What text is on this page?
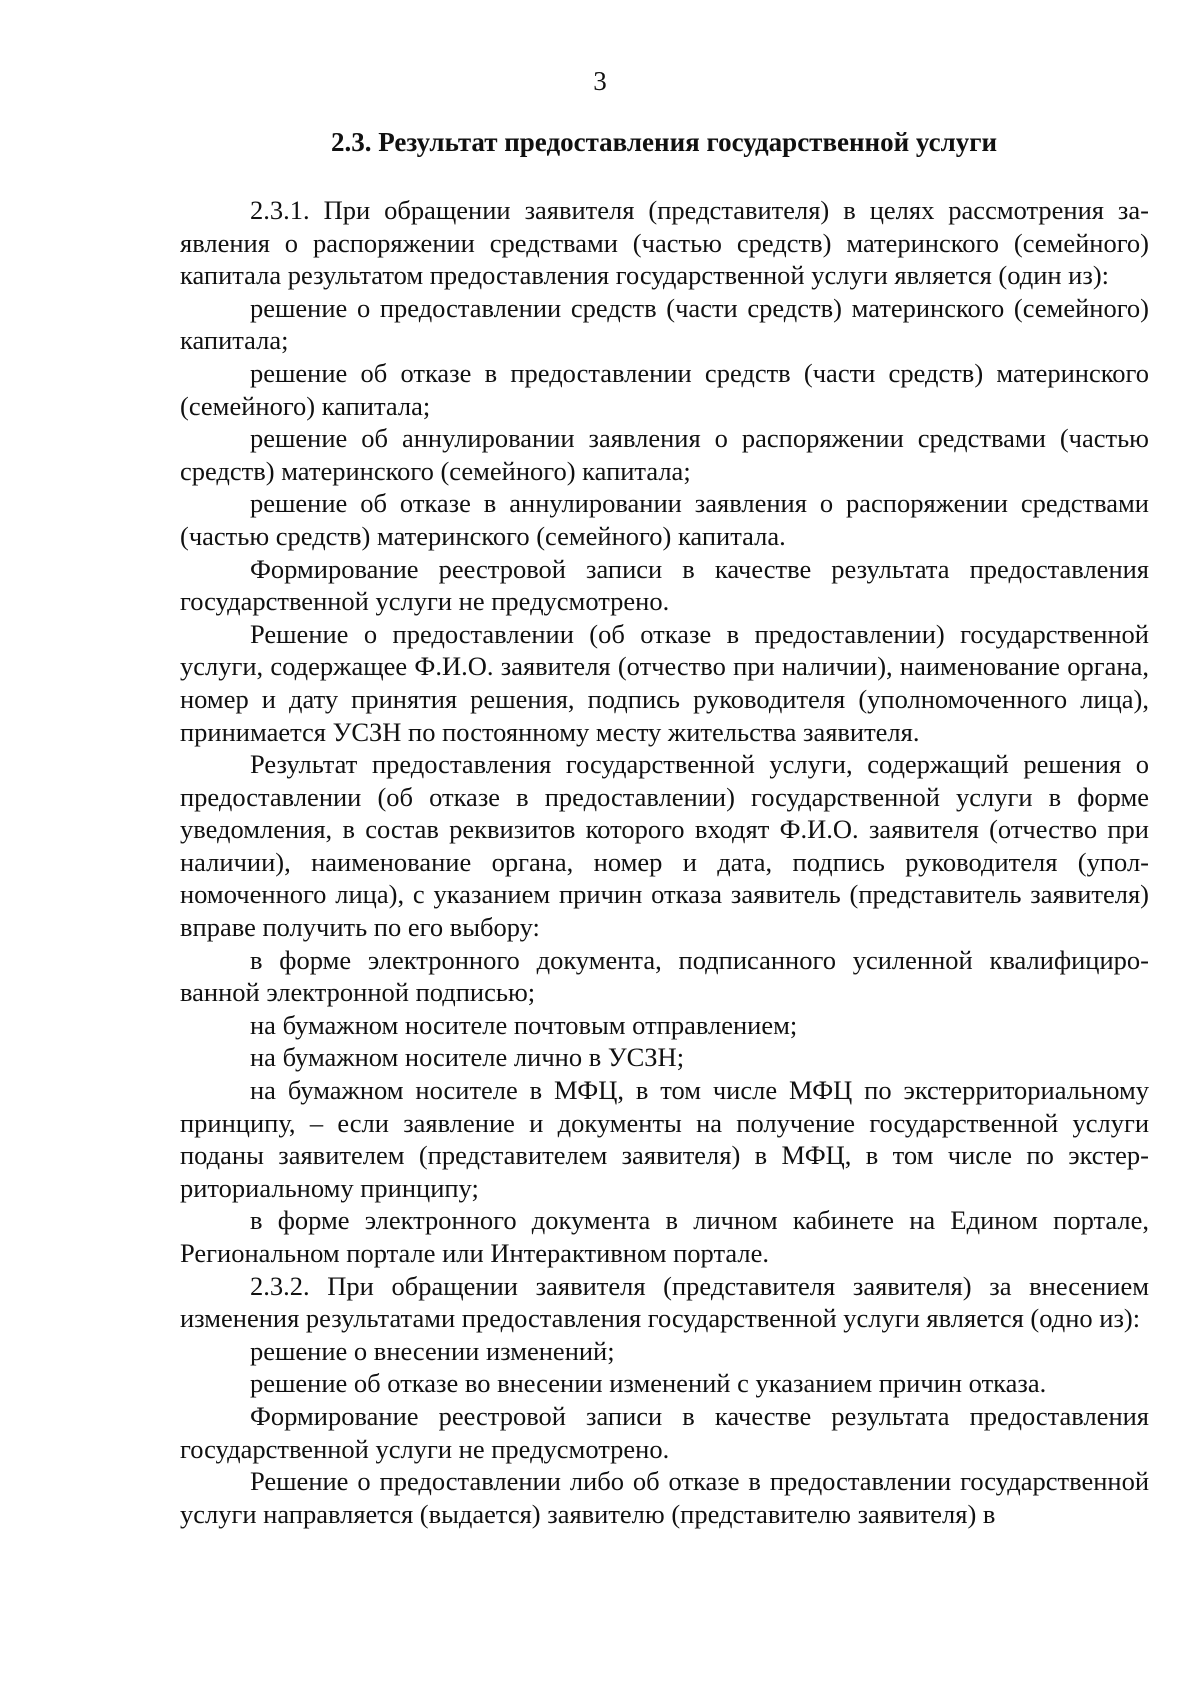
3
2.3. Результат предоставления государственной услуги

2.3.1. При обращении заявителя (представителя) в целях рассмотрения заявления о распоряжении средствами (частью средств) материнского (семейного) капитала результатом предоставления государственной услуги является (один из):

решение о предоставлении средств (части средств) материнского (семейного) капитала;

решение об отказе в предоставлении средств (части средств) материнского (семейного) капитала;

решение об аннулировании заявления о распоряжении средствами (частью средств) материнского (семейного) капитала;

решение об отказе в аннулировании заявления о распоряжении средствами (частью средств) материнского (семейного) капитала.

Формирование реестровой записи в качестве результата предоставления государственной услуги не предусмотрено.

Решение о предоставлении (об отказе в предоставлении) государственной услуги, содержащее Ф.И.О. заявителя (отчество при наличии), наименование органа, номер и дату принятия решения, подпись руководителя (уполномоченного лица), принимается УСЗН по постоянному месту жительства заявителя.

Результат предоставления государственной услуги, содержащий решения о предоставлении (об отказе в предоставлении) государственной услуги в форме уведомления, в состав реквизитов которого входят Ф.И.О. заявителя (отчество при наличии), наименование органа, номер и дата, подпись руководителя (уполномоченного лица), с указанием причин отказа заявитель (представитель заявителя) вправе получить по его выбору:

в форме электронного документа, подписанного усиленной квалифицированной электронной подписью;

на бумажном носителе почтовым отправлением;

на бумажном носителе лично в УСЗН;

на бумажном носителе в МФЦ, в том числе МФЦ по экстерриториальному принципу, – если заявление и документы на получение государственной услуги поданы заявителем (представителем заявителя) в МФЦ, в том числе по экстерриториальному принципу;

в форме электронного документа в личном кабинете на Едином портале, Региональном портале или Интерактивном портале.

2.3.2. При обращении заявителя (представителя заявителя) за внесением изменения результатами предоставления государственной услуги является (одно из):

решение о внесении изменений;

решение об отказе во внесении изменений с указанием причин отказа.

Формирование реестровой записи в качестве результата предоставления государственной услуги не предусмотрено.

Решение о предоставлении либо об отказе в предоставлении государственной услуги направляется (выдается) заявителю (представителю заявителя) в
